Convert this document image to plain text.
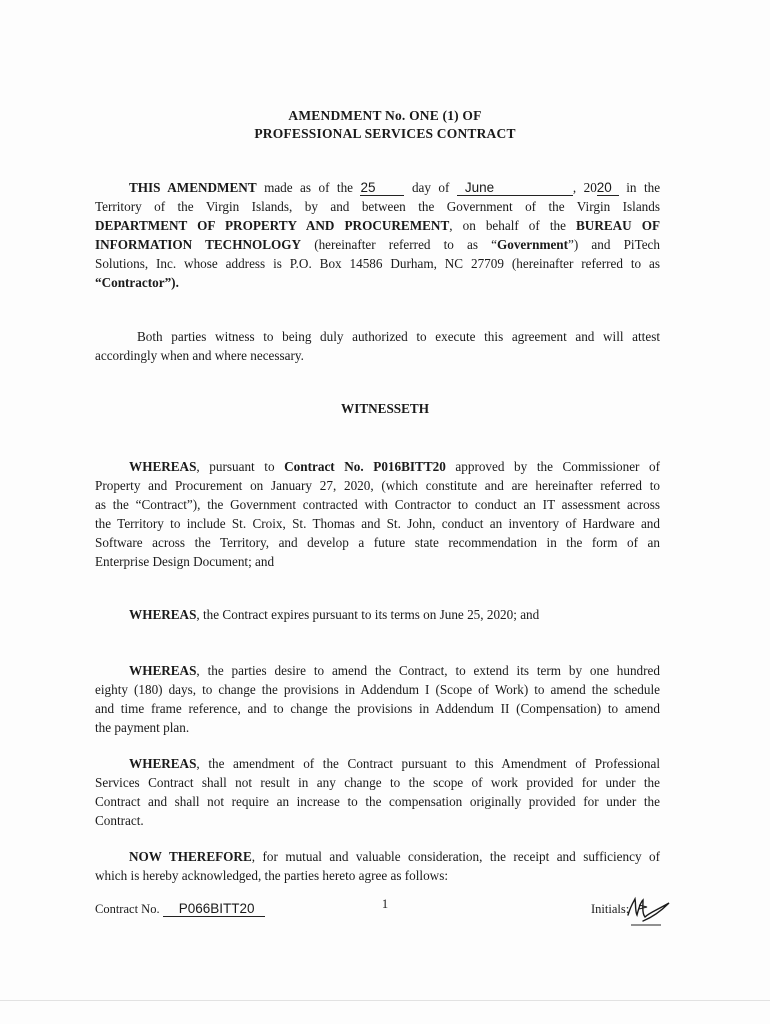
AMENDMENT No. ONE (1) OF
PROFESSIONAL SERVICES CONTRACT
THIS AMENDMENT made as of the 25	day of June	, 2020 in the
Territory of the Virgin Islands, by and between the Government of the Virgin Islands
DEPARTMENT OF PROPERTY AND PROCUREMENT, on behalf of the BUREAU OF
INFORMATION TECHNOLOGY (hereinafter referred to as “Government”) and PiTech
Solutions, Inc. whose address is P.O. Box 14586 Durham, NC 27709 (hereinafter referred to as
“Contractor”).
Both parties witness to being duly authorized to execute this agreement and will attest
accordingly when and where necessary.
WITNESSETH
WHEREAS, pursuant to Contract No. P016BITT20 approved by the Commissioner of
Property and Procurement on January 27, 2020, (which constitute and are hereinafter referred to
as the “Contract”), the Government contracted with Contractor to conduct an IT assessment across
the Territory to include St. Croix, St. Thomas and St. John, conduct an inventory of Hardware and
Software across the Territory, and develop a future state recommendation in the form of an
Enterprise Design Document; and
WHEREAS, the Contract expires pursuant to its terms on June 25, 2020; and
WHEREAS, the parties desire to amend the Contract, to extend its term by one hundred
eighty (180) days, to change the provisions in Addendum I (Scope of Work) to amend the schedule
and time frame reference, and to change the provisions in Addendum II (Compensation) to amend
the payment plan.
WHEREAS, the amendment of the Contract pursuant to this Amendment of Professional
Services Contract shall not result in any change to the scope of work provided for under the
Contract and shall not require an increase to the compensation originally provided for under the
Contract.
NOW THEREFORE, for mutual and valuable consideration, the receipt and sufficiency of
which is hereby acknowledged, the parties hereto agree as follows:
1
Contract No. P066BITT20	Initials:
